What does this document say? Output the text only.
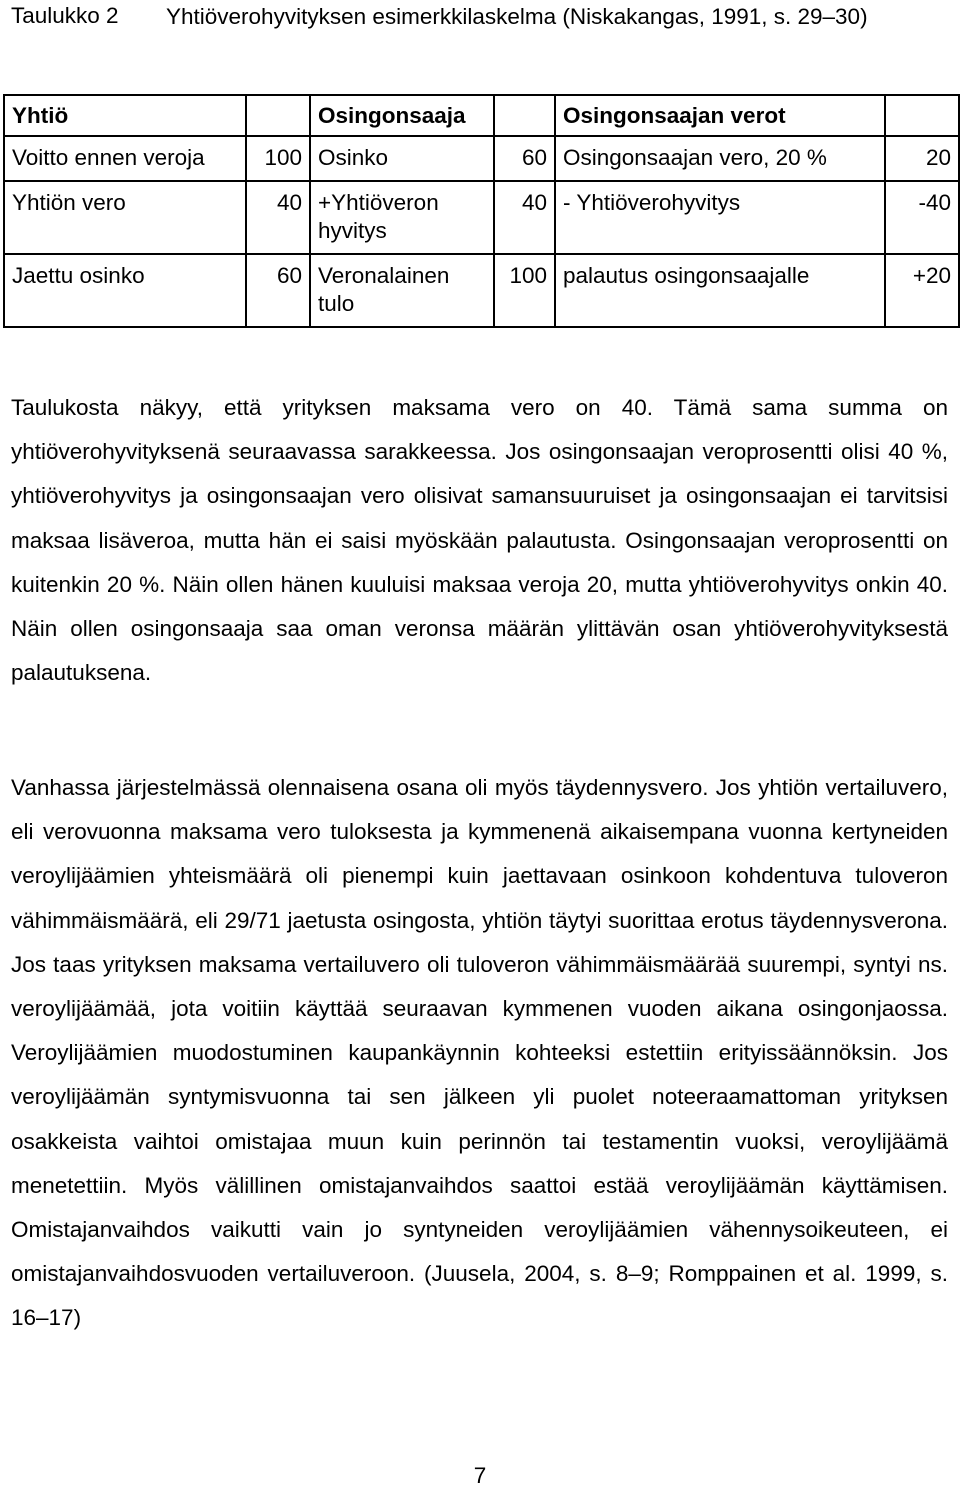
Taulukko 2 Yhtiöverohyvityksen esimerkkilaskelma (Niskakangas, 1991, s. 29–30)
Yhtiö		Osingonsaaja		Osingonsaajan verot	
Voitto ennen veroja	100	Osinko	60	Osingonsaajan vero, 20 %	20
Yhtiön vero	40	+Yhtiöveron hyvitys	40	- Yhtiöverohyvitys	-40
Jaettu osinko	60	Veronalainen tulo	100	palautus osingonsaajalle	+20

Taulukosta näkyy, että yrityksen maksama vero on 40. Tämä sama summa on yhtiöverohyvityksenä seuraavassa sarakkeessa. Jos osingonsaajan veroprosentti olisi 40 %, yhtiöverohyvitys ja osingonsaajan vero olisivat samansuuruiset ja osingonsaajan ei tarvitsisi maksaa lisäveroa, mutta hän ei saisi myöskään palautusta. Osingonsaajan veroprosentti on kuitenkin 20 %. Näin ollen hänen kuuluisi maksaa veroja 20, mutta yhtiöverohyvitys onkin 40. Näin ollen osingonsaaja saa oman veronsa määrän ylittävän osan yhtiöverohyvityksestä palautuksena.

Vanhassa järjestelmässä olennaisena osana oli myös täydennysvero. Jos yhtiön vertailuvero, eli verovuonna maksama vero tuloksesta ja kymmenenä aikaisempana vuonna kertyneiden veroylijäämien yhteismäärä oli pienempi kuin jaettavaan osinkoon kohdentuva tuloveron vähimmäismäärä, eli 29/71 jaetusta osingosta, yhtiön täytyi suorittaa erotus täydennysverona. Jos taas yrityksen maksama vertailuvero oli tuloveron vähimmäismäärää suurempi, syntyi ns. veroylijäämää, jota voitiin käyttää seuraavan kymmenen vuoden aikana osingonjaossa. Veroylijäämien muodostuminen kaupankäynnin kohteeksi estettiin erityissäännöksin. Jos veroylijäämän syntymisvuonna tai sen jälkeen yli puolet noteeraamattoman yrityksen osakkeista vaihtoi omistajaa muun kuin perinnön tai testamentin vuoksi, veroylijäämä menetettiin. Myös välillinen omistajanvaihdos saattoi estää veroylijäämän käyttämisen. Omistajanvaihdos vaikutti vain jo syntyneiden veroylijäämien vähennysoikeuteen, ei omistajanvaihdosvuoden vertailuveroon. (Juusela, 2004, s. 8–9; Romppainen et al. 1999, s. 16–17)

7
